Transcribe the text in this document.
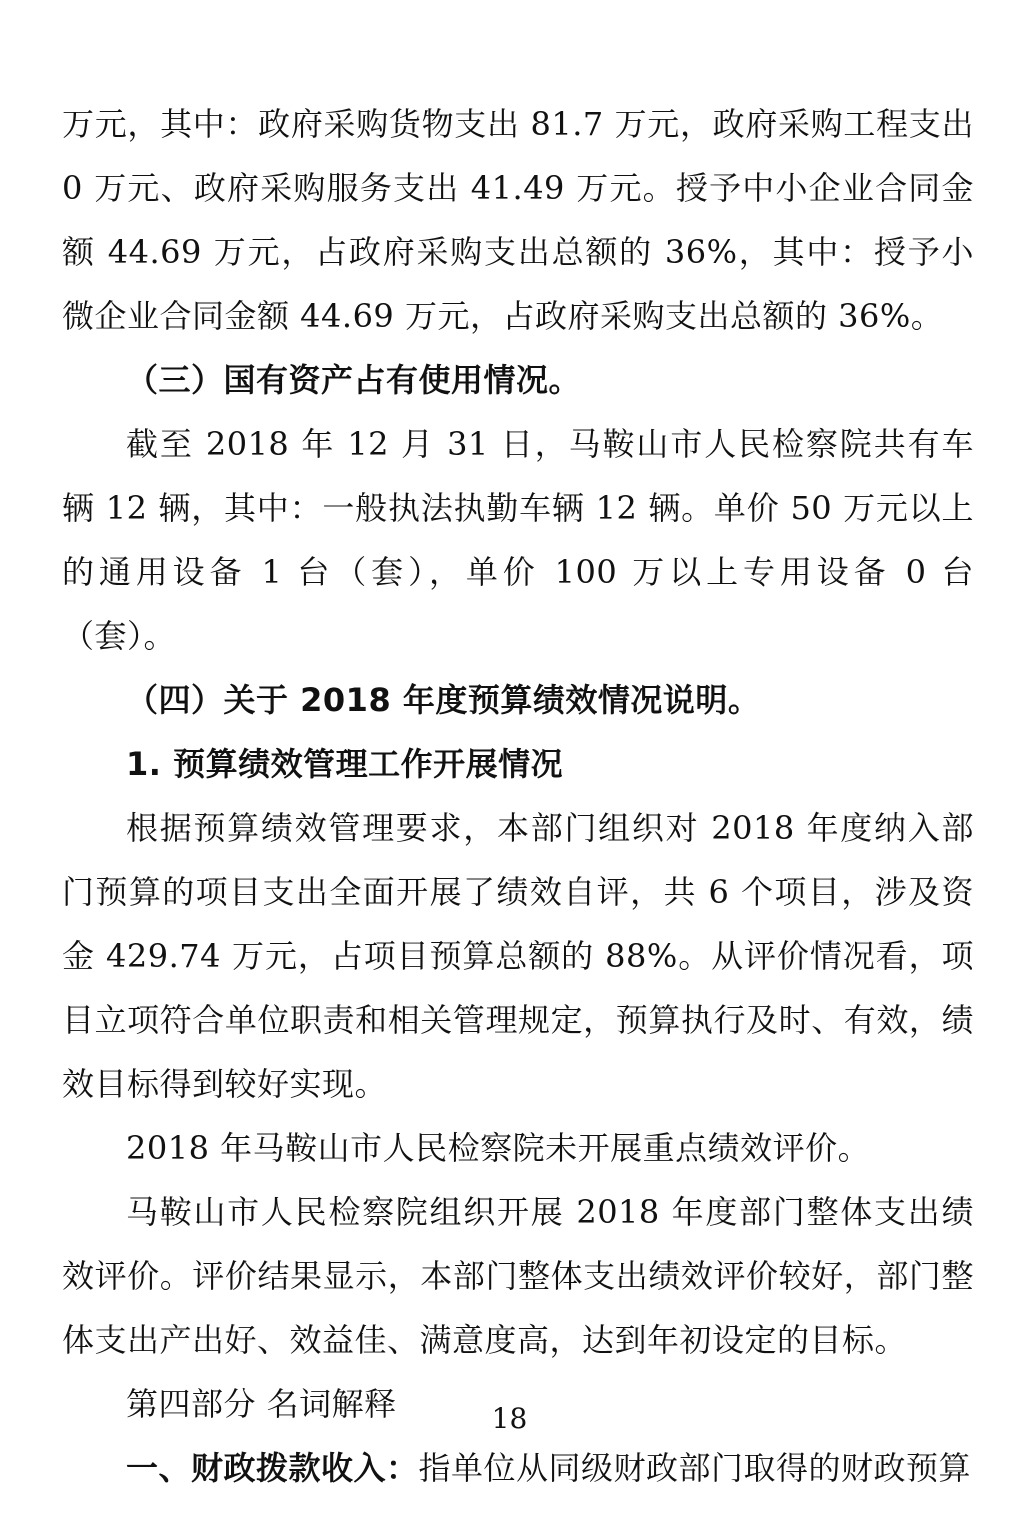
万元，其中：政府采购货物支出 81.7 万元，政府采购工程支出 0 万元、政府采购服务支出 41.49 万元。授予中小企业合同金额 44.69 万元，占政府采购支出总额的 36%，其中：授予小微企业合同金额 44.69 万元，占政府采购支出总额的 36%。

（三）国有资产占有使用情况。

截至 2018 年 12 月 31 日，马鞍山市人民检察院共有车辆 12 辆，其中：一般执法执勤车辆 12 辆。单价 50 万元以上的通用设备 1 台（套），单价 100 万以上专用设备 0 台（套）。

（四）关于 2018 年度预算绩效情况说明。

1. 预算绩效管理工作开展情况

根据预算绩效管理要求，本部门组织对 2018 年度纳入部门预算的项目支出全面开展了绩效自评，共 6 个项目，涉及资金 429.74 万元，占项目预算总额的 88%。从评价情况看，项目立项符合单位职责和相关管理规定，预算执行及时、有效，绩效目标得到较好实现。

2018 年马鞍山市人民检察院未开展重点绩效评价。

马鞍山市人民检察院组织开展 2018 年度部门整体支出绩效评价。评价结果显示，本部门整体支出绩效评价较好，部门整体支出产出好、效益佳、满意度高，达到年初设定的目标。

第四部分 名词解释

一、财政拨款收入：指单位从同级财政部门取得的财政预算

18
